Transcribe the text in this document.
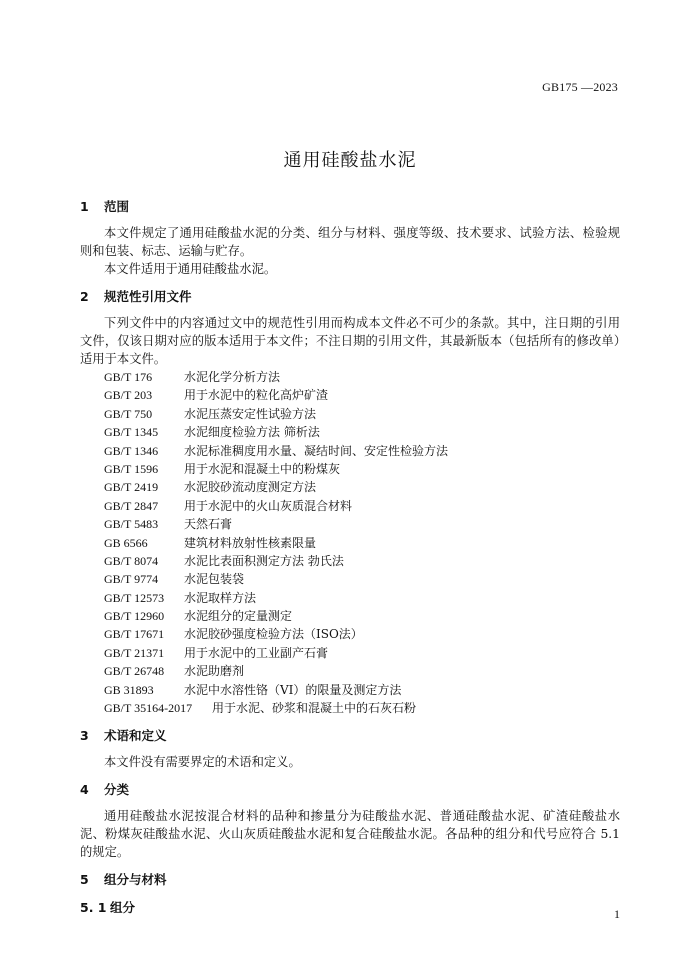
GB175 —2023
通用硅酸盐水泥
1 范围

本文件规定了通用硅酸盐水泥的分类、组分与材料、强度等级、技术要求、试验方法、检验规则和包装、标志、运输与贮存。

本文件适用于通用硅酸盐水泥。

2 规范性引用文件

下列文件中的内容通过文中的规范性引用而构成本文件必不可少的条款。其中，注日期的引用文件，仅该日期对应的版本适用于本文件；不注日期的引用文件，其最新版本（包括所有的修改单）适用于本文件。

GB/T 176	水泥化学分析方法
GB/T 203	用于水泥中的粒化高炉矿渣
GB/T 750	水泥压蒸安定性试验方法
GB/T 1345 水泥细度检验方法 筛析法
GB/T 1346 水泥标准稠度用水量、凝结时间、安定性检验方法
GB/T 1596 用于水泥和混凝土中的粉煤灰
GB/T 2419 水泥胶砂流动度测定方法
GB/T 2847 用于水泥中的火山灰质混合材料
GB/T 5483 天然石膏
GB 6566	建筑材料放射性核素限量
GB/T 8074 水泥比表面积测定方法 勃氏法
GB/T 9774 水泥包装袋
GB/T 12573 水泥取样方法
GB/T 12960 水泥组分的定量测定
GB/T 17671 水泥胶砂强度检验方法（ISO法）
GB/T 21371 用于水泥中的工业副产石膏
GB/T 26748 水泥助磨剂
GB 31893	水泥中水溶性铬（VI）的限量及测定方法
GB/T 35164-2017 用于水泥、砂浆和混凝土中的石灰石粉
3 术语和定义

本文件没有需要界定的术语和定义。

4 分类

通用硅酸盐水泥按混合材料的品种和掺量分为硅酸盐水泥、普通硅酸盐水泥、矿渣硅酸盐水泥、粉煤灰硅酸盐水泥、火山灰质硅酸盐水泥和复合硅酸盐水泥。各品种的组分和代号应符合 5.1 的规定。

5 组分与材料
5. 1 组分	1
